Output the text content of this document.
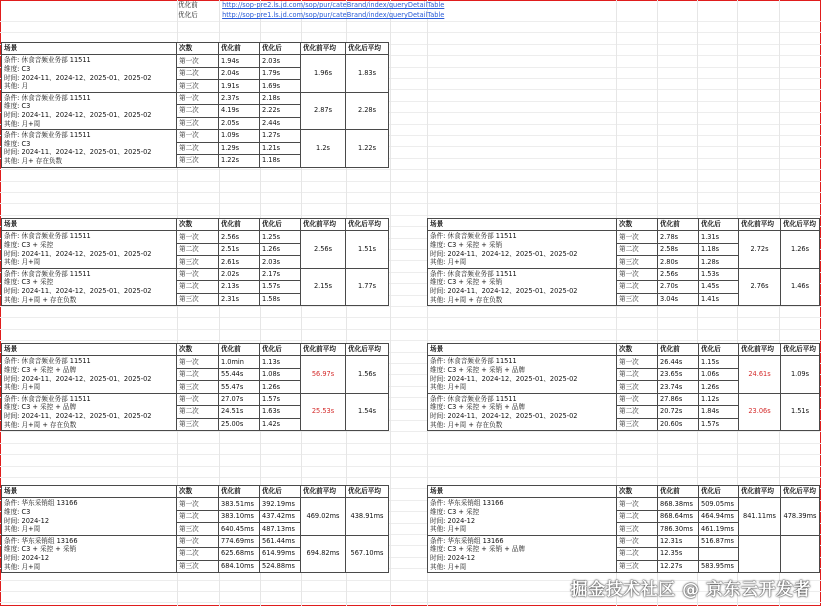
优化前	http://sop-pre2.ls.jd.com/sop/pur/cateBrand/index/queryDetailTable
优化后	http://sop-pre1.ls.jd.com/sop/pur/cateBrand/index/queryDetailTable
场景	次数	优化前	优化后	优化前平均	优化后平均
条件: 休食音频业务部 11511
维度: C3
时间: 2024-11、2024-12、2025-01、2025-02
其他: 月	第一次	1.94s	2.03s	1.96s	1.83s
	第二次	2.04s	1.79s		
	第三次	1.91s	1.69s		
条件: 休食音频业务部 11511
维度: C3
时间: 2024-11、2024-12、2025-01、2025-02
其他: 月+周	第一次	2.37s	2.18s	2.87s	2.28s
	第二次	4.19s	2.22s		
	第三次	2.05s	2.44s		
条件: 休食音频业务部 11511
维度: C3
时间: 2024-11、2024-12、2025-01、2025-02
其他: 月+ 存在负数	第一次	1.09s	1.27s	1.2s	1.22s
	第二次	1.29s	1.21s		
	第三次	1.22s	1.18s		
场景	次数	优化前	优化后	优化前平均	优化后平均
条件: 休食音频业务部 11511
维度: C3 + 采控
时间: 2024-11、2024-12、2025-01、2025-02
其他: 月+周	第一次	2.56s	1.25s	2.56s	1.51s
	第二次	2.51s	1.26s		
	第三次	2.61s	2.03s		
条件: 休食音频业务部 11511
维度: C3 + 采控
时间: 2024-11、2024-12、2025-01、2025-02
其他: 月+周 + 存在负数	第一次	2.02s	2.17s	2.15s	1.77s
	第二次	2.13s	1.57s		
	第三次	2.31s	1.58s		
场景	次数	优化前	优化后	优化前平均	优化后平均
条件: 休食音频业务部 11511
维度: C3 + 采控 + 采销
时间: 2024-11、2024-12、2025-01、2025-02
其他: 月+周	第一次	2.78s	1.31s	2.72s	1.26s
	第二次	2.58s	1.18s		
	第三次	2.80s	1.28s		
条件: 休食音频业务部 11511
维度: C3 + 采控 + 采销
时间: 2024-11、2024-12、2025-01、2025-02
其他: 月+周 + 存在负数	第一次	2.56s	1.53s	2.76s	1.46s
	第二次	2.70s	1.45s		
	第三次	3.04s	1.41s		
场景	次数	优化前	优化后	优化前平均	优化后平均
条件: 休食音频业务部 11511
维度: C3 + 采控 + 品牌
时间: 2024-11、2024-12、2025-01、2025-02
其他: 月+周	第一次	1.0min	1.13s	56.97s	1.56s
	第二次	55.44s	1.08s		
	第三次	55.47s	1.26s		
条件: 休食音频业务部 11511
维度: C3 + 采控 + 品牌
时间: 2024-11、2024-12、2025-01、2025-02
其他: 月+周 + 存在负数	第一次	27.07s	1.57s	25.53s	1.54s
	第二次	24.51s	1.63s		
	第三次	25.00s	1.42s		
场景	次数	优化前	优化后	优化前平均	优化后平均
条件: 休食音频业务部 11511
维度: C3 + 采控 + 采销 + 品牌
时间: 2024-11、2024-12、2025-01、2025-02
其他: 月+周	第一次	26.44s	1.15s	24.61s	1.09s
	第二次	23.65s	1.06s		
	第三次	23.74s	1.26s		
条件: 休食音频业务部 11511
维度: C3 + 采控 + 采销 + 品牌
时间: 2024-11、2024-12、2025-01、2025-02
其他: 月+周 + 存在负数	第一次	27.86s	1.12s	23.06s	1.51s
	第二次	20.72s	1.84s		
	第三次	20.60s	1.57s		
场景	次数	优化前	优化后	优化前平均	优化后平均
条件: 华东采销组 13166
维度: C3
时间: 2024-12
其他: 月+周	第一次	383.51ms	392.19ms	469.02ms	438.91ms
	第二次	383.10ms	437.42ms		
	第三次	640.45ms	487.13ms		
条件: 华东采销组 13166
维度: C3 + 采控 + 采销
时间: 2024-12
其他: 月+周	第一次	774.69ms	561.44ms	694.82ms	567.10ms
	第二次	625.68ms	614.99ms		
	第三次	684.10ms	524.88ms		
场景	次数	优化前	优化后	优化前平均	优化后平均
条件: 华东采销组 13166
维度: C3 + 采控
时间: 2024-12
其他: 月+周	第一次	868.38ms	509.05ms	841.11ms	478.39ms
	第二次	868.64ms	464.94ms		
	第三次	786.30ms	461.19ms		
条件: 华东采销组 13166
维度: C3 + 采控 + 采销 + 品牌
时间: 2024-12
其他: 月+周	第一次	12.31s	516.87ms		
	第二次	12.35s			
	第三次	12.27s	583.95ms		
掘金技术社区 @ 京东云开发者
